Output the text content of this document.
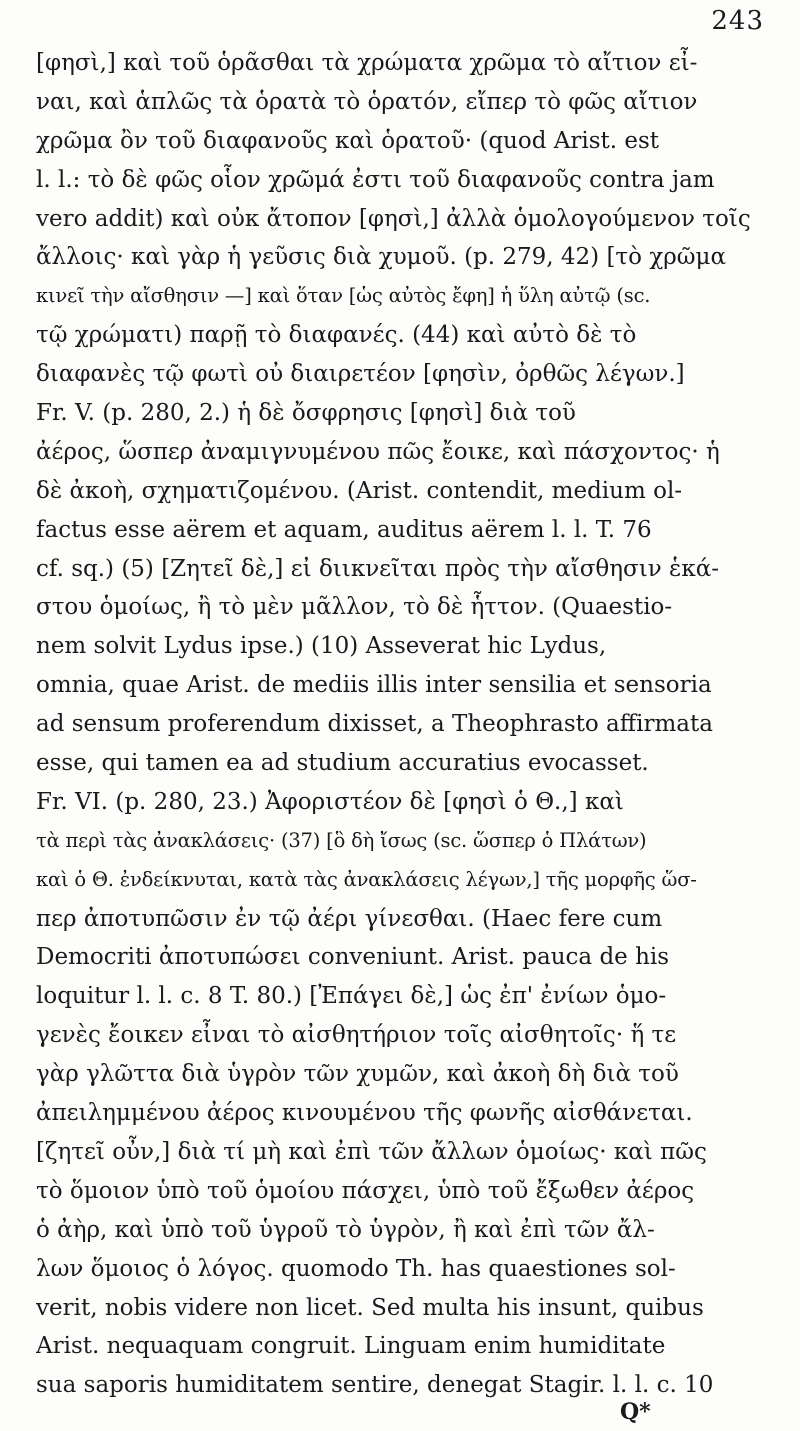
243
[φησὶ,] καὶ τοῦ ὁρᾶσθαι τὰ χρώματα χρῶμα τὸ αἴτιον εἶ-
ναι, καὶ ἁπλῶς τὰ ὁρατὰ τὸ ὁρατόν, εἴπερ τὸ φῶς αἴτιον
χρῶμα ὂν τοῦ διαφανοῦς καὶ ὁρατοῦ· (quod Arist. est
l. l.: τὸ δὲ φῶς οἷον χρῶμά ἐστι τοῦ διαφανοῦς contra jam
vero addit) καὶ οὐκ ἄτοπον [φησὶ,] ἀλλὰ ὁμολογούμενον τοῖς
ἄλλοις· καὶ γὰρ ἡ γεῦσις διὰ χυμοῦ. (p. 279, 42) [τὸ χρῶμα
κινεῖ τὴν αἴσθησιν —] καὶ ὅταν [ὡς αὐτὸς ἔφη] ἡ ὕλη αὐτῷ (sc.
τῷ χρώματι) παρῇ τὸ διαφανές. (44) καὶ αὐτὸ δὲ τὸ
διαφανὲς τῷ φωτὶ οὐ διαιρετέον [φησὶν, ὀρθῶς λέγων.]
Fr. V. (p. 280, 2.) ἡ δὲ ὄσφρησις [φησὶ] διὰ τοῦ
ἀέρος, ὥσπερ ἀναμιγνυμένου πῶς ἔοικε, καὶ πάσχοντος· ἡ
δὲ ἀκοὴ, σχηματιζομένου. (Arist. contendit, medium ol-
factus esse aërem et aquam, auditus aërem l. l. T. 76
cf. sq.) (5) [Ζητεῖ δὲ,] εἰ διικνεῖται πρὸς τὴν αἴσθησιν ἑκά-
στου ὁμοίως, ἢ τὸ μὲν μᾶλλον, τὸ δὲ ἧττον. (Quaestio-
nem solvit Lydus ipse.) (10) Asseverat hic Lydus,
omnia, quae Arist. de mediis illis inter sensilia et sensoria
ad sensum proferendum dixisset, a Theophrasto affirmata
esse, qui tamen ea ad studium accuratius evocasset.
Fr. VI. (p. 280, 23.) Ἀφοριστέον δὲ [φησὶ ὁ Θ.,] καὶ
τὰ περὶ τὰς ἀνακλάσεις· (37) [ὃ δὴ ἴσως (sc. ὥσπερ ὁ Πλάτων)
καὶ ὁ Θ. ἐνδείκνυται, κατὰ τὰς ἀνακλάσεις λέγων,] τῆς μορφῆς ὥσ-
περ ἀποτυπῶσιν ἐν τῷ ἀέρι γίνεσθαι. (Haec fere cum
Democriti ἀποτυπώσει conveniunt. Arist. pauca de his
loquitur l. l. c. 8 T. 80.) [Ἐπάγει δὲ,] ὡς ἐπ' ἐνίων ὁμο-
γενὲς ἔοικεν εἶναι τὸ αἰσθητήριον τοῖς αἰσθητοῖς· ἥ τε
γὰρ γλῶττα διὰ ὑγρὸν τῶν χυμῶν, καὶ ἀκοὴ δὴ διὰ τοῦ
ἀπειλημμένου ἀέρος κινουμένου τῆς φωνῆς αἰσθάνεται.
[ζητεῖ οὖν,] διὰ τί μὴ καὶ ἐπὶ τῶν ἄλλων ὁμοίως· καὶ πῶς
τὸ ὅμοιον ὑπὸ τοῦ ὁμοίου πάσχει, ὑπὸ τοῦ ἔξωθεν ἀέρος
ὁ ἀὴρ, καὶ ὑπὸ τοῦ ὑγροῦ τὸ ὑγρὸν, ἢ καὶ ἐπὶ τῶν ἄλ-
λων ὅμοιος ὁ λόγος. quomodo Th. has quaestiones sol-
verit, nobis videre non licet. Sed multa his insunt, quibus
Arist. nequaquam congruit. Linguam enim humiditate
sua saporis humiditatem sentire, denegat Stagir. l. l. c. 10
Q*
